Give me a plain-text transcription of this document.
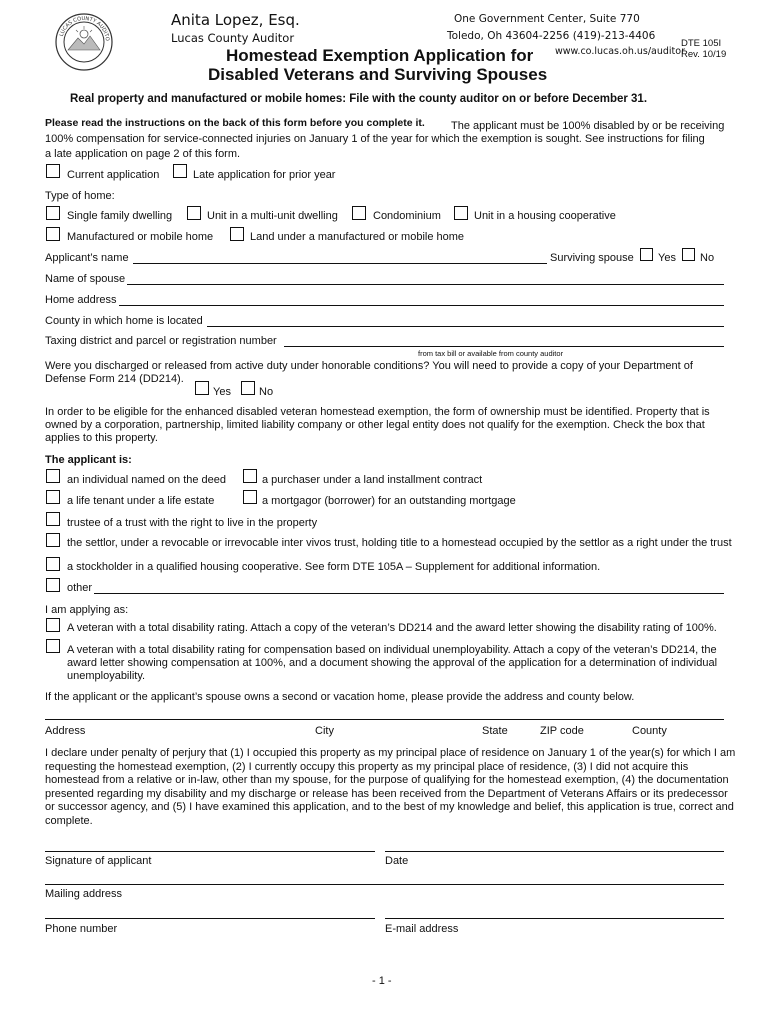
LUCAS COUNTY AUDITO
Anita Lopez, Esq.
Lucas County Auditor
One Government Center, Suite 770
Toledo, Oh 43604-2256 (419)-213-4406
DTE 105I
www.co.lucas.oh.us/auditor
Rev. 10/19
Homestead Exemption Application for
Disabled Veterans and Surviving Spouses
Real property and manufactured or mobile homes: File with the county auditor on or before December 31.
Please read the instructions on the back of this form before you complete it. The applicant must be 100% disabled by or be receiving
100% compensation for service-connected injuries on January 1 of the year for which the exemption is sought. See instructions for filing
a late application on page 2 of this form.
Current application	Late application for prior year
Type of home:
Single family dwelling	Unit in a multi-unit dwelling	Condominium	Unit in a housing cooperative
Manufactured or mobile home	Land under a manufactured or mobile home
Applicant’s name	Surviving spouse Yes No
Name of spouse
Home address
County in which home is located
Taxing district and parcel or registration number
from tax bill or available from county auditor
Were you discharged or released from active duty under honorable conditions? You will need to provide a copy of your Department of Defense Form 214 (DD214).
Yes	No
In order to be eligible for the enhanced disabled veteran homestead exemption, the form of ownership must be identified. Property that is owned by a corporation, partnership, limited liability company or other legal entity does not qualify for the exemption. Check the box that applies to this property.
The applicant is:
an individual named on the deed	a purchaser under a land installment contract
a life tenant under a life estate	a mortgagor (borrower) for an outstanding mortgage
trustee of a trust with the right to live in the property
the settlor, under a revocable or irrevocable inter vivos trust, holding title to a homestead occupied by the settlor as a right under the trust
a stockholder in a qualified housing cooperative. See form DTE 105A – Supplement for additional information.
other
I am applying as:
A veteran with a total disability rating. Attach a copy of the veteran’s DD214 and the award letter showing the disability rating of 100%.
A veteran with a total disability rating for compensation based on individual unemployability. Attach a copy of the veteran’s DD214, the award letter showing compensation at 100%, and a document showing the approval of the application for a determination of individual unemployability.
If the applicant or the applicant’s spouse owns a second or vacation home, please provide the address and county below.
Address	City	State	ZIP code	County
I declare under penalty of perjury that (1) I occupied this property as my principal place of residence on January 1 of the year(s) for which I am requesting the homestead exemption, (2) I currently occupy this property as my principal place of residence, (3) I did not acquire this homestead from a relative or in-law, other than my spouse, for the purpose of qualifying for the homestead exemption, (4) the documentation presented regarding my disability and my discharge or release has been received from the Department of Veterans Affairs or its predecessor or successor agency, and (5) I have examined this application, and to the best of my knowledge and belief, this application is true, correct and complete.
Signature of applicant	Date
Mailing address
Phone number	E-mail address
- 1 -
